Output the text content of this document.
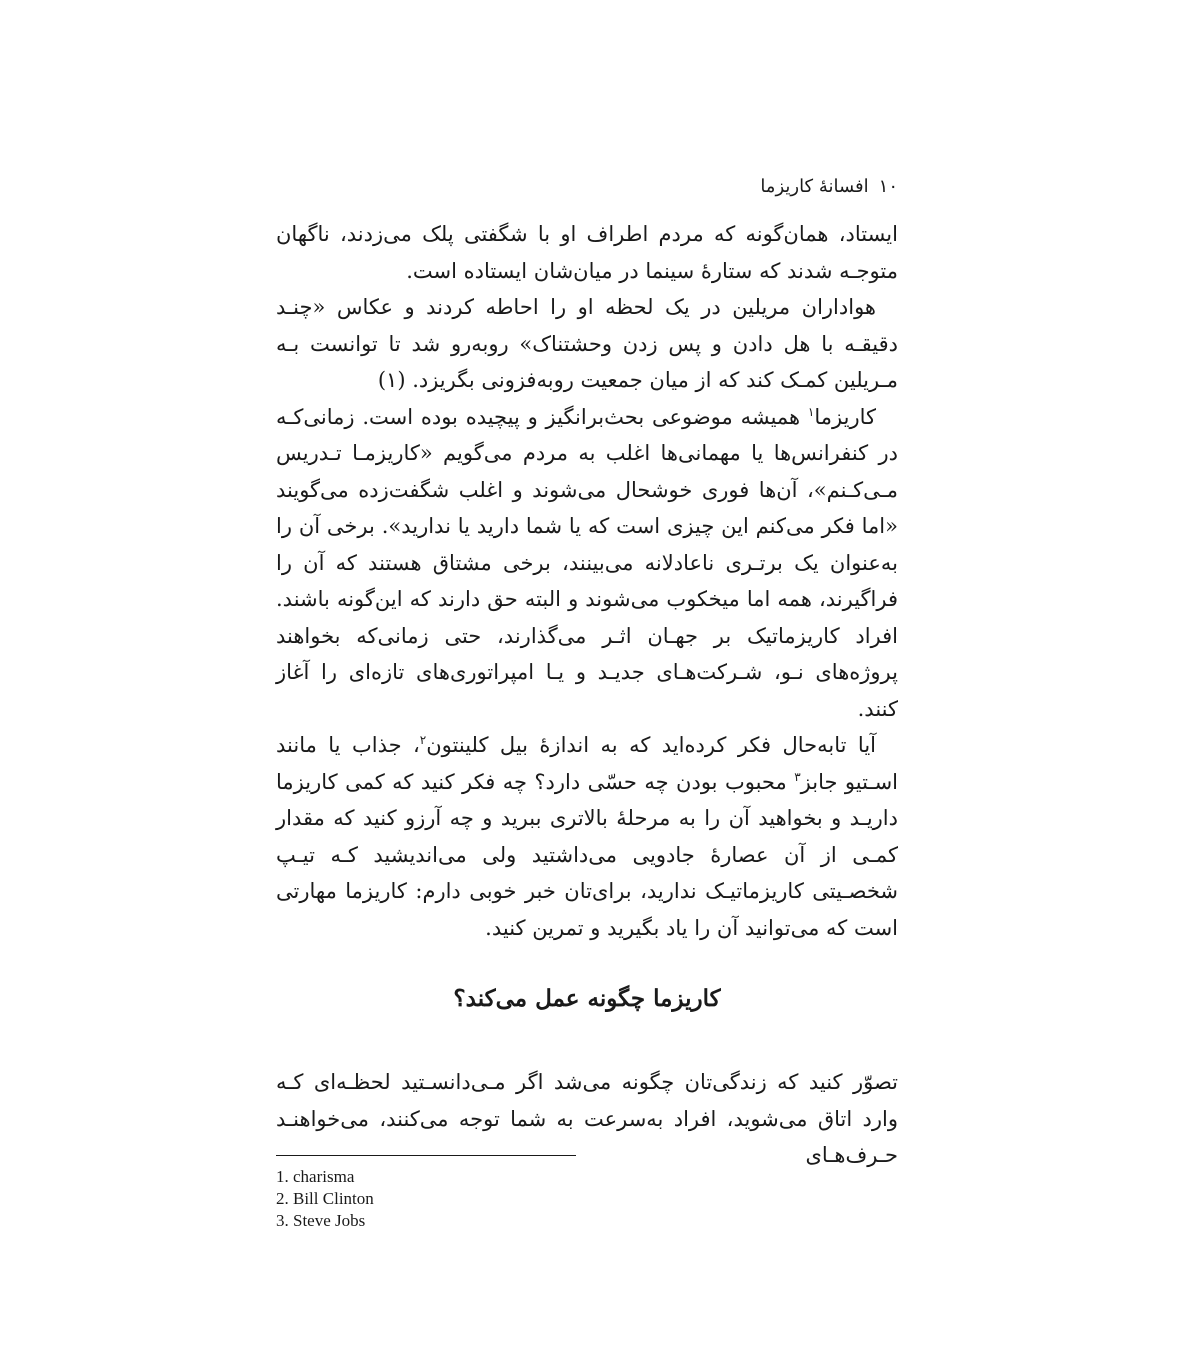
۱۰افسانهٔ کاریزما

ایستاد، همان‌گونه که مردم اطراف او با شگفتی پلک می‌زدند، ناگهان متوجـه شدند که ستارهٔ سینما در میان‌شان ایستاده است.

هواداران مریلین در یک لحظه او را احاطه کردند و عکاس «چنـد دقیقـه با هل دادن و پس زدن وحشتناک» روبه‌رو شد تا توانست بـه مـریلین کمـک کند که از میان جمعیت روبه‌فزونی بگریزد. (۱)

کاریزما$^۱$ همیشه موضوعی بحث‌برانگیز و پیچیده بوده است. زمانی‌کـه در کنفرانس‌ها یا مهمانی‌ها اغلب به مردم می‌گویم «کاریزمـا تـدریس مـی‌کـنم»، آن‌ها فوری خوشحال می‌شوند و اغلب شگفت‌زده می‌گویند «اما فکر می‌کنم این چیزی است که یا شما دارید یا ندارید». برخی آن را به‌عنوان یک برتـری ناعادلانه می‌بینند، برخی مشتاق هستند که آن را فراگیرند، همه اما میخکوب می‌شوند و البته حق دارند که این‌گونه باشند. افراد کاریزماتیک بر جهـان اثـر می‌گذارند، حتی زمانی‌که بخواهند پروژه‌های نـو، شـرکت‌هـای جدیـد و یـا امپراتوری‌های تازه‌ای را آغاز کنند.

آیا تابه‌حال فکر کرده‌اید که به اندازهٔ بیل کلینتون$^۲$، جذاب یا مانند اسـتیو جابز$^۳$ محبوب بودن چه حسّی دارد؟ چه فکر کنید که کمی کاریزما داریـد و بخواهید آن را به مرحلهٔ بالاتری ببرید و چه آرزو کنید که مقدار کمـی از آن عصارهٔ جادویی می‌داشتید ولی می‌اندیشید کـه تیـپ شخصـیتی کاریزماتیـک ندارید، برای‌تان خبر خوبی دارم: کاریزما مهارتی است که می‌توانید آن را یاد بگیرید و تمرین کنید.

کاریزما چگونه عمل می‌کند؟

تصوّر کنید که زندگی‌تان چگونه می‌شد اگر مـی‌دانسـتید لحظـه‌ای کـه وارد اتاق می‌شوید، افراد به‌سرعت به شما توجه می‌کنند، می‌خواهنـد حـرف‌هـای

1. charisma
2. Bill Clinton
3. Steve Jobs
